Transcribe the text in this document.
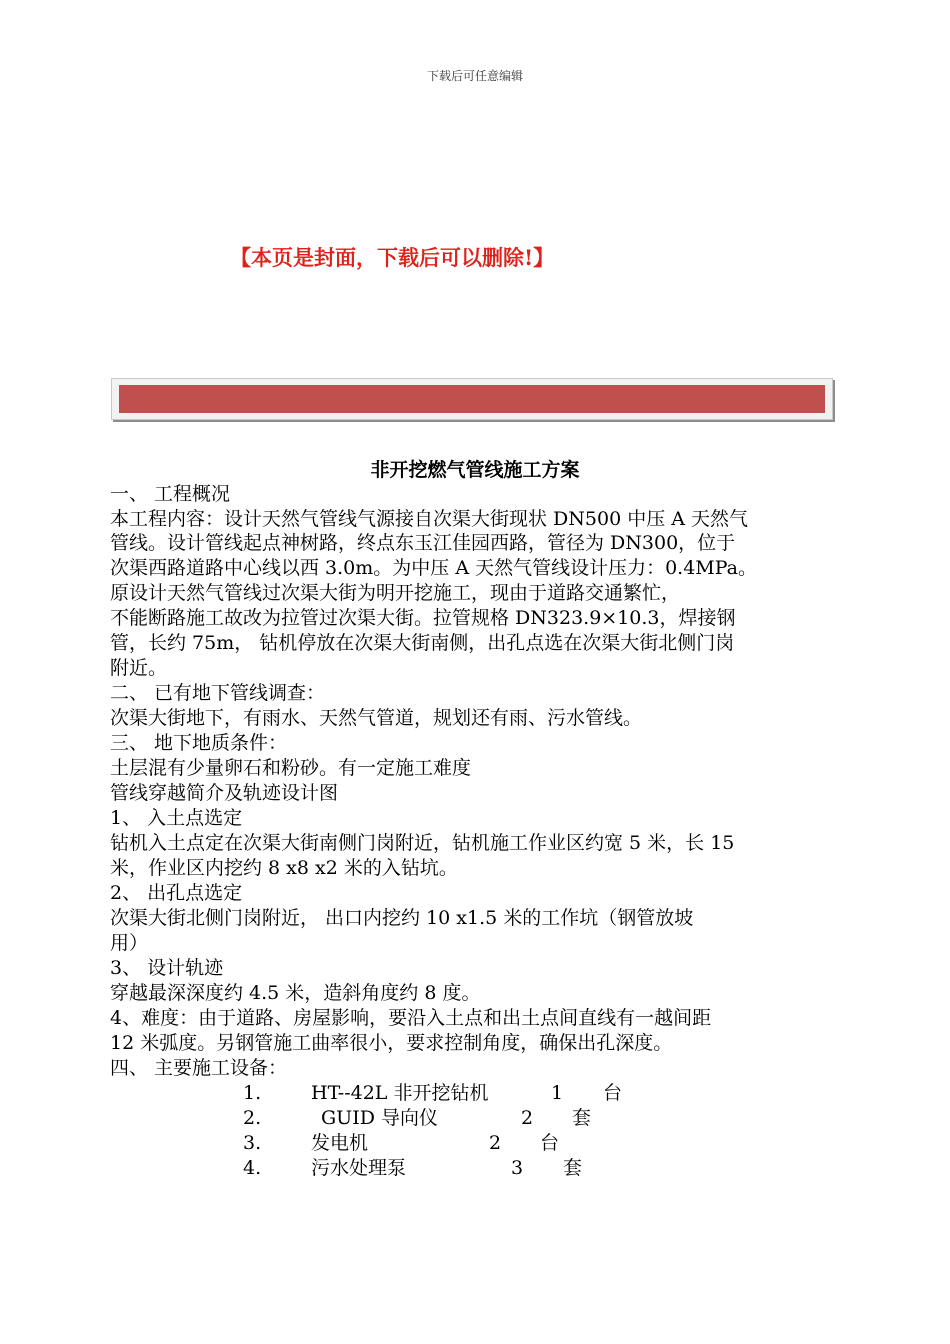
下载后可任意编辑
【本页是封面，下载后可以删除!】
非开挖燃气管线施工方案
一、 工程概况
本工程内容：设计天然气管线气源接自次渠大街现状 DN500 中压 A 天然气
管线。设计管线起点神树路，终点东玉江佳园西路，管径为 DN300，位于
次渠西路道路中心线以西 3.0m。为中压 A 天然气管线设计压力：0.4MPa。
原设计天然气管线过次渠大街为明开挖施工，现由于道路交通繁忙，
不能断路施工故改为拉管过次渠大街。拉管规格 DN323.9×10.3，焊接钢
管，长约 75m， 钻机停放在次渠大街南侧，出孔点选在次渠大街北侧门岗
附近。
二、 已有地下管线调查：
次渠大街地下，有雨水、天然气管道，规划还有雨、污水管线。
三、 地下地质条件：
土层混有少量卵石和粉砂。有一定施工难度
管线穿越简介及轨迹设计图
1、 入土点选定
钻机入土点定在次渠大街南侧门岗附近，钻机施工作业区约宽 5 米，长 15
米，作业区内挖约 8 x8 x2 米的入钻坑。
2、 出孔点选定
次渠大街北侧门岗附近， 出口内挖约 10 x1.5 米的工作坑（钢管放坡
用）
3、 设计轨迹
穿越最深深度约 4.5 米，造斜角度约 8 度。
4、难度：由于道路、房屋影响，要沿入土点和出土点间直线有一越间距
12 米弧度。另钢管施工曲率很小，要求控制角度，确保出孔深度。
四、 主要施工设备：
1.	HT--42L 非开挖钻机	1 台
2.	GUID 导向仪	2 套
3.	发电机	2 台
4.	污水处理泵	3 套
